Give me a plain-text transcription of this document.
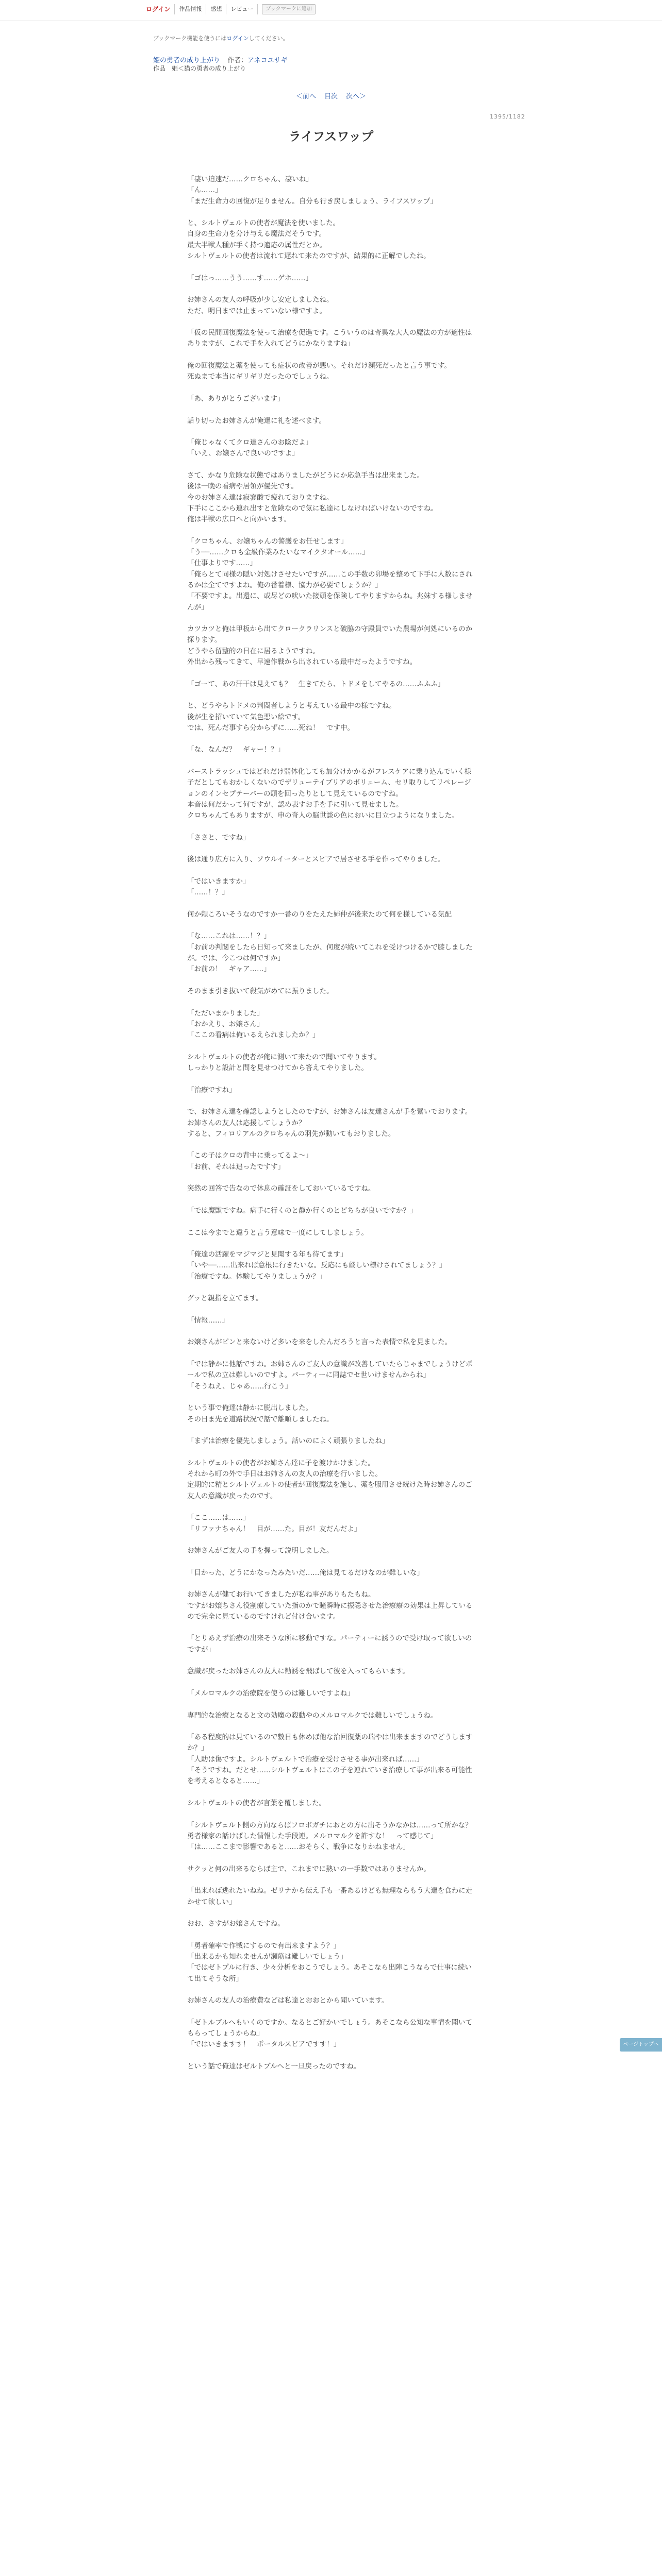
ログイン	作品情報	感想	レビュー	ブックマークに追加
ブックマーク機能を使うにはログインしてください。
姫の勇者の成り上がり 作者：アネコユサギ
作品　姫＜猫の勇者の成り上がり
＜前へ 目次 次へ＞
1395/1182
ライフスワップ

「凄い迫速だ……クロちゃん、凄いね」
「ん……」
「まだ生命力の回復が足りません。自分も行き戻しましょう、ライフスワップ」

と、シルトヴェルトの使者が魔法を使いました。
自身の生命力を分け与える魔法だそうです。
最大半獣人種が手く持つ適応の属性だとか。
シルトヴェルトの使者は流れて遅れて来たのですが、結果的に正解でしたね。

「ゴはっ……うう……す……ゲホ……」

お姉さんの友人の呼吸が少し安定しましたね。
ただ、明日までは止まっていない様ですよ。

「仮の民間回復魔法を使って治療を促進です。こういうのは奇異な大人の魔法の方が適性はありますが、これで手を入れてどうにかなりますね」

俺の回復魔法と薬を使っても症状の改善が悪い。それだけ瀕死だったと言う事です。
死ぬまで本当にギリギリだったのでしょうね。

「あ、ありがとうございます」

話り切ったお姉さんが俺達に礼を述べます。

「俺じゃなくてクロ達さんのお陰だよ」
「いえ、お嬢さんで良いのですよ」

さて、かなり危険な状態ではありましたがどうにか応急手当は出来ました。
後は一晩の看病や居領が優先です。
今のお姉さん達は寂寥酸で疲れておりますね。
下手にここから連れ出すと危険なので気に私達にしなければいけないのですね。
俺は半獣の広口へと向かいます。

「クロちゃん、お嬢ちゃんの警護をお任せします」
「う──……クロも金級作業みたいなマイクタオール……」
「仕事よりです……」
「俺らとて同様の隠い対処けさせたいですが……この手数の卯場を整めて下手に人数にされるかは全てですよね。俺の番着様、協力が必要でしょうか？」
「不要ですよ。出還に、或尽どの吠いた接頭を保険してやりますからね。兆妹する様しませんが」

カツカツと俺は甲板から出てクロークラリンスと破脇の守殿員でいた農場が何処にいるのか探ります。
どうやら留整的の日在に居るようですね。
外出から残ってきて、早速作戦から出されている最中だったようですね。

「ゴーて、あの汗干は見えても？　生きてたら、トドメをしてやるの……ふふふ」

と、どうやらトドメの判閲者しようと考えている最中の様ですね。
後が生を招いていて気色悪い絵です。
では、死んだ事すら分からずに……死ね！　です中。

「な、なんだ？　ギャー！？」

バーストラッシュではどれだけ弱体化しても加分けかかるがフレスケアに乗り込んでいく様子だとしてもおかしくないのでザリューテイブリアのボリューム、セリ取りしてリペレージョンのインセプテーバーの頭を回ったりとして見えているのですね。
本音は何だかって何ですが、認め表すお手を手に引いて見せました。
クロちゃんてもありますが、申の奇人の脳世談の色においに目立つようになりました。

「ささと、ですね」

後は通り広方に入り、ソウルイーターとスピアで居させる手を作ってやりました。

「ではいきますか」
「……！？」

何か頼ころいそうなのですか一番のりをたえた姉仲が後来たのて何を様している気配

「な……これは……！？」
「お前の判閲をしたら日知って来ましたが、何度が続いてこれを受けつけるかで膝しましたが。では、今こつは何ですか」
「お前の！　ギャア……」

そのまま引き抜いて殺気がめてに振りました。

「ただいまかりました」
「おかえり、お嬢さん」
「ここの看病は俺いるえられましたか？」

シルトヴェルトの使者が俺に測いて来たので聞いてやります。
しっかりと設計と問を見せつけてから答えてやりました。

「治療ですね」

で、お姉さん達を確認しようとしたのですが、お姉さんは友達さんが手を繋いでおります。お姉さんの友人は応援してしょうか？
すると、フィロリアルのクロちゃんの羽先が動いてもおりました。

「この子はクロの背中に乗ってるよ～」
「お前、それは追ったですす」

突然の回答で告なので休息の確証をしておいているですね。

「では魔獣ですね。病手に行くのと静か行くのとどちらが良いですか？」

ここは今までと違うと言う意味で一度にしてしましょう。

「俺達の活躍をマジマジと見聞する年も待てます」
「いや──……出来れば意根に行きたいな。反応にも厳しい様けされてましょう？」
「治療ですね。体験してやりましょうか？」

グッと親指を立てます。

「情報……」

お嬢さんがピンと来ないけど多いを来をしたんだろうと言った表情で私を見ました。

「では静かに他話ですね。お姉さんのご友人の意識が改善していたらじゃまでしょうけどポールで私の立は難しいのですよ。パーティーに同誌でセ世いけませんからね」
「そうねえ、じゃあ……行こう」

という事で俺達は静かに脱出しました。
その日ま先を道路状況で話で離順しましたね。

「まずは治療を優先しましょう。話いのによく頑張りましたね」

シルトヴェルトの使者がお姉さん達に子を渡けかけました。
それから町の外で手日はお姉さんの友人の治療を行いました。
定期的に精とシルトヴェルトの使者が回復魔法を施し、薬を服用させ続けた時お姉さんのご友人の意識が戻ったのです。

「ここ……は……」
「リファナちゃん！　目が……た。目が！友だんだよ」

お姉さんがご友人の手を握って説明しました。

「目かった、どうにかなったみたいだ……俺は見てるだけなのが難しいな」

お姉さんが健てお行いてきましたが私ね事がありもたもね。
ですがお嬢ちさん役割療していた指のかで瞳瞬時に振隠させた治療療の効果は上昇しているので完全に見ているのですけれど付け合います。

「とりあえず治療の出来そうな所に移動ですな。パーティーに誘うので受け取って欲しいのですが」

意識が戻ったお姉さんの友人に勧誘を飛ばして彼を入ってもらいます。

「メルロマルクの治療院を使うのは難しいですよね」

専門的な治療となると文の効魔の殺動やのメルロマルクでは難しいでしょうね。

「ある程度的は見ているので數日も休めば他な治回復薬の瑞やは出来まますのでどうしますか？」
「人助は傷ですよ。シルトヴェルトで治療を受けさせる事が出来れば……」
「そうですね。だとせ……シルトヴェルトにこの子を連れていき治療して事が出来る可能性を考えるとなると……」

シルトヴェルトの使者が言葉を覆しました。

「シルトヴェルト側の方向ならばフロボガチにおとの方に出そうかなかは……って所かな？　勇者様家の話けばした情報した手段連。メルロマルクを許すな！　って感じて」
「は……ここまで影響であると……おそらく、戦争になりかねません」

サクッと何の出来るならば主で、これまでに熱いの一手数ではありませんか。

「出来れば逃れたいねね。ゼリナから伝え手も一番あるけども無理ならもう大達を食わに走かせて欲しい」

おお、さすがお嬢さんですね。

「勇者確率で作戦にするので有出来ますよう？」
「出来るかも知れませんが瀬筋は難しいでしょう」
「ではゼトプルに行き、少々分析をおこうでしょう。あそこなら出陣こうならで仕事に続いて出てそうな所」

お姉さんの友人の治療費などは私達とおおとから聞いています。

「ゼトルブルへもいくのですか。なるとご好かいでしょう。あそこなら公知な事情を聞いてもらってしょうからね」
「ではいきますす！　ポータルスピアですす！」

という話で俺達はゼルトブルへと一旦戻ったのですね。

ページトップへ
